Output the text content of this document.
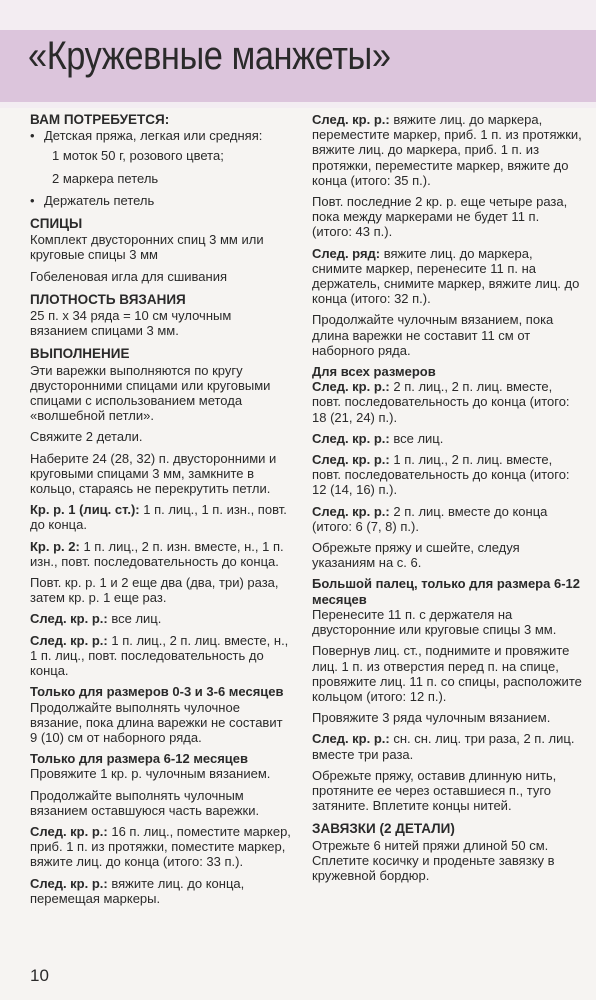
«Кружевные манжеты»
ВАМ ПОТРЕБУЕТСЯ:
• Детская пряжа, легкая или средняя:
1 моток 50 г, розового цвета;
2 маркера петель
• Держатель петель
СПИЦЫ

Комплект двусторонних спиц 3 мм или круговые спицы 3 мм

Гобеленовая игла для сшивания

ПЛОТНОСТЬ ВЯЗАНИЯ

25 п. х 34 ряда = 10 см чулочным вязанием спицами 3 мм.

ВЫПОЛНЕНИЕ

Эти варежки выполняются по кругу двусторонними спицами или круговыми спицами с использованием метода «волшебной петли».

Свяжите 2 детали.

Наберите 24 (28, 32) п. двусторонними и круговыми спицами 3 мм, замкните в кольцо, стараясь не перекрутить петли.

Кр. р. 1 (лиц. ст.): 1 п. лиц., 1 п. изн., повт. до конца.

Кр. р. 2: 1 п. лиц., 2 п. изн. вместе, н., 1 п. изн., повт. последовательность до конца.

Повт. кр. р. 1 и 2 еще два (два, три) раза, затем кр. р. 1 еще раз.

След. кр. р.: все лиц.

След. кр. р.: 1 п. лиц., 2 п. лиц. вместе, н., 1 п. лиц., повт. последовательность до конца.

Только для размеров 0-3 и 3-6 месяцев

Продолжайте выполнять чулочное вязание, пока длина варежки не составит 9 (10) см от наборного ряда.

Только для размера 6-12 месяцев

Провяжите 1 кр. р. чулочным вязанием.

Продолжайте выполнять чулочным вязанием оставшуюся часть варежки.

След. кр. р.: 16 п. лиц., поместите маркер, приб. 1 п. из протяжки, поместите маркер, вяжите лиц. до конца (итого: 33 п.).

След. кр. р.: вяжите лиц. до конца, перемещая маркеры.

След. кр. р.: вяжите лиц. до маркера, переместите маркер, приб. 1 п. из протяжки, вяжите лиц. до маркера, приб. 1 п. из протяжки, переместите маркер, вяжите до конца (итого: 35 п.).

Повт. последние 2 кр. р. еще четыре раза, пока между маркерами не будет 11 п. (итого: 43 п.).

След. ряд: вяжите лиц. до маркера, снимите маркер, перенесите 11 п. на держатель, снимите маркер, вяжите лиц. до конца (итого: 32 п.).

Продолжайте чулочным вязанием, пока длина варежки не составит 11 см от наборного ряда.

Для всех размеров

След. кр. р.: 2 п. лиц., 2 п. лиц. вместе, повт. последовательность до конца (итого: 18 (21, 24) п.).

След. кр. р.: все лиц.

След. кр. р.: 1 п. лиц., 2 п. лиц. вместе, повт. последовательность до конца (итого: 12 (14, 16) п.).

След. кр. р.: 2 п. лиц. вместе до конца (итого: 6 (7, 8) п.).

Обрежьте пряжу и сшейте, следуя указаниям на с. 6.

Большой палец, только для размера 6-12 месяцев

Перенесите 11 п. с держателя на двусторонние или круговые спицы 3 мм.

Повернув лиц. ст., поднимите и провяжите лиц. 1 п. из отверстия перед п. на спице, провяжите лиц. 11 п. со спицы, расположите кольцом (итого: 12 п.).

Провяжите 3 ряда чулочным вязанием.

След. кр. р.: сн. сн. лиц. три раза, 2 п. лиц. вместе три раза.

Обрежьте пряжу, оставив длинную нить, протяните ее через оставшиеся п., туго затяните. Вплетите концы нитей.

ЗАВЯЗКИ (2 ДЕТАЛИ)

Отрежьте 6 нитей пряжи длиной 50 см. Сплетите косичку и проденьте завязку в кружевной бордюр.

10
